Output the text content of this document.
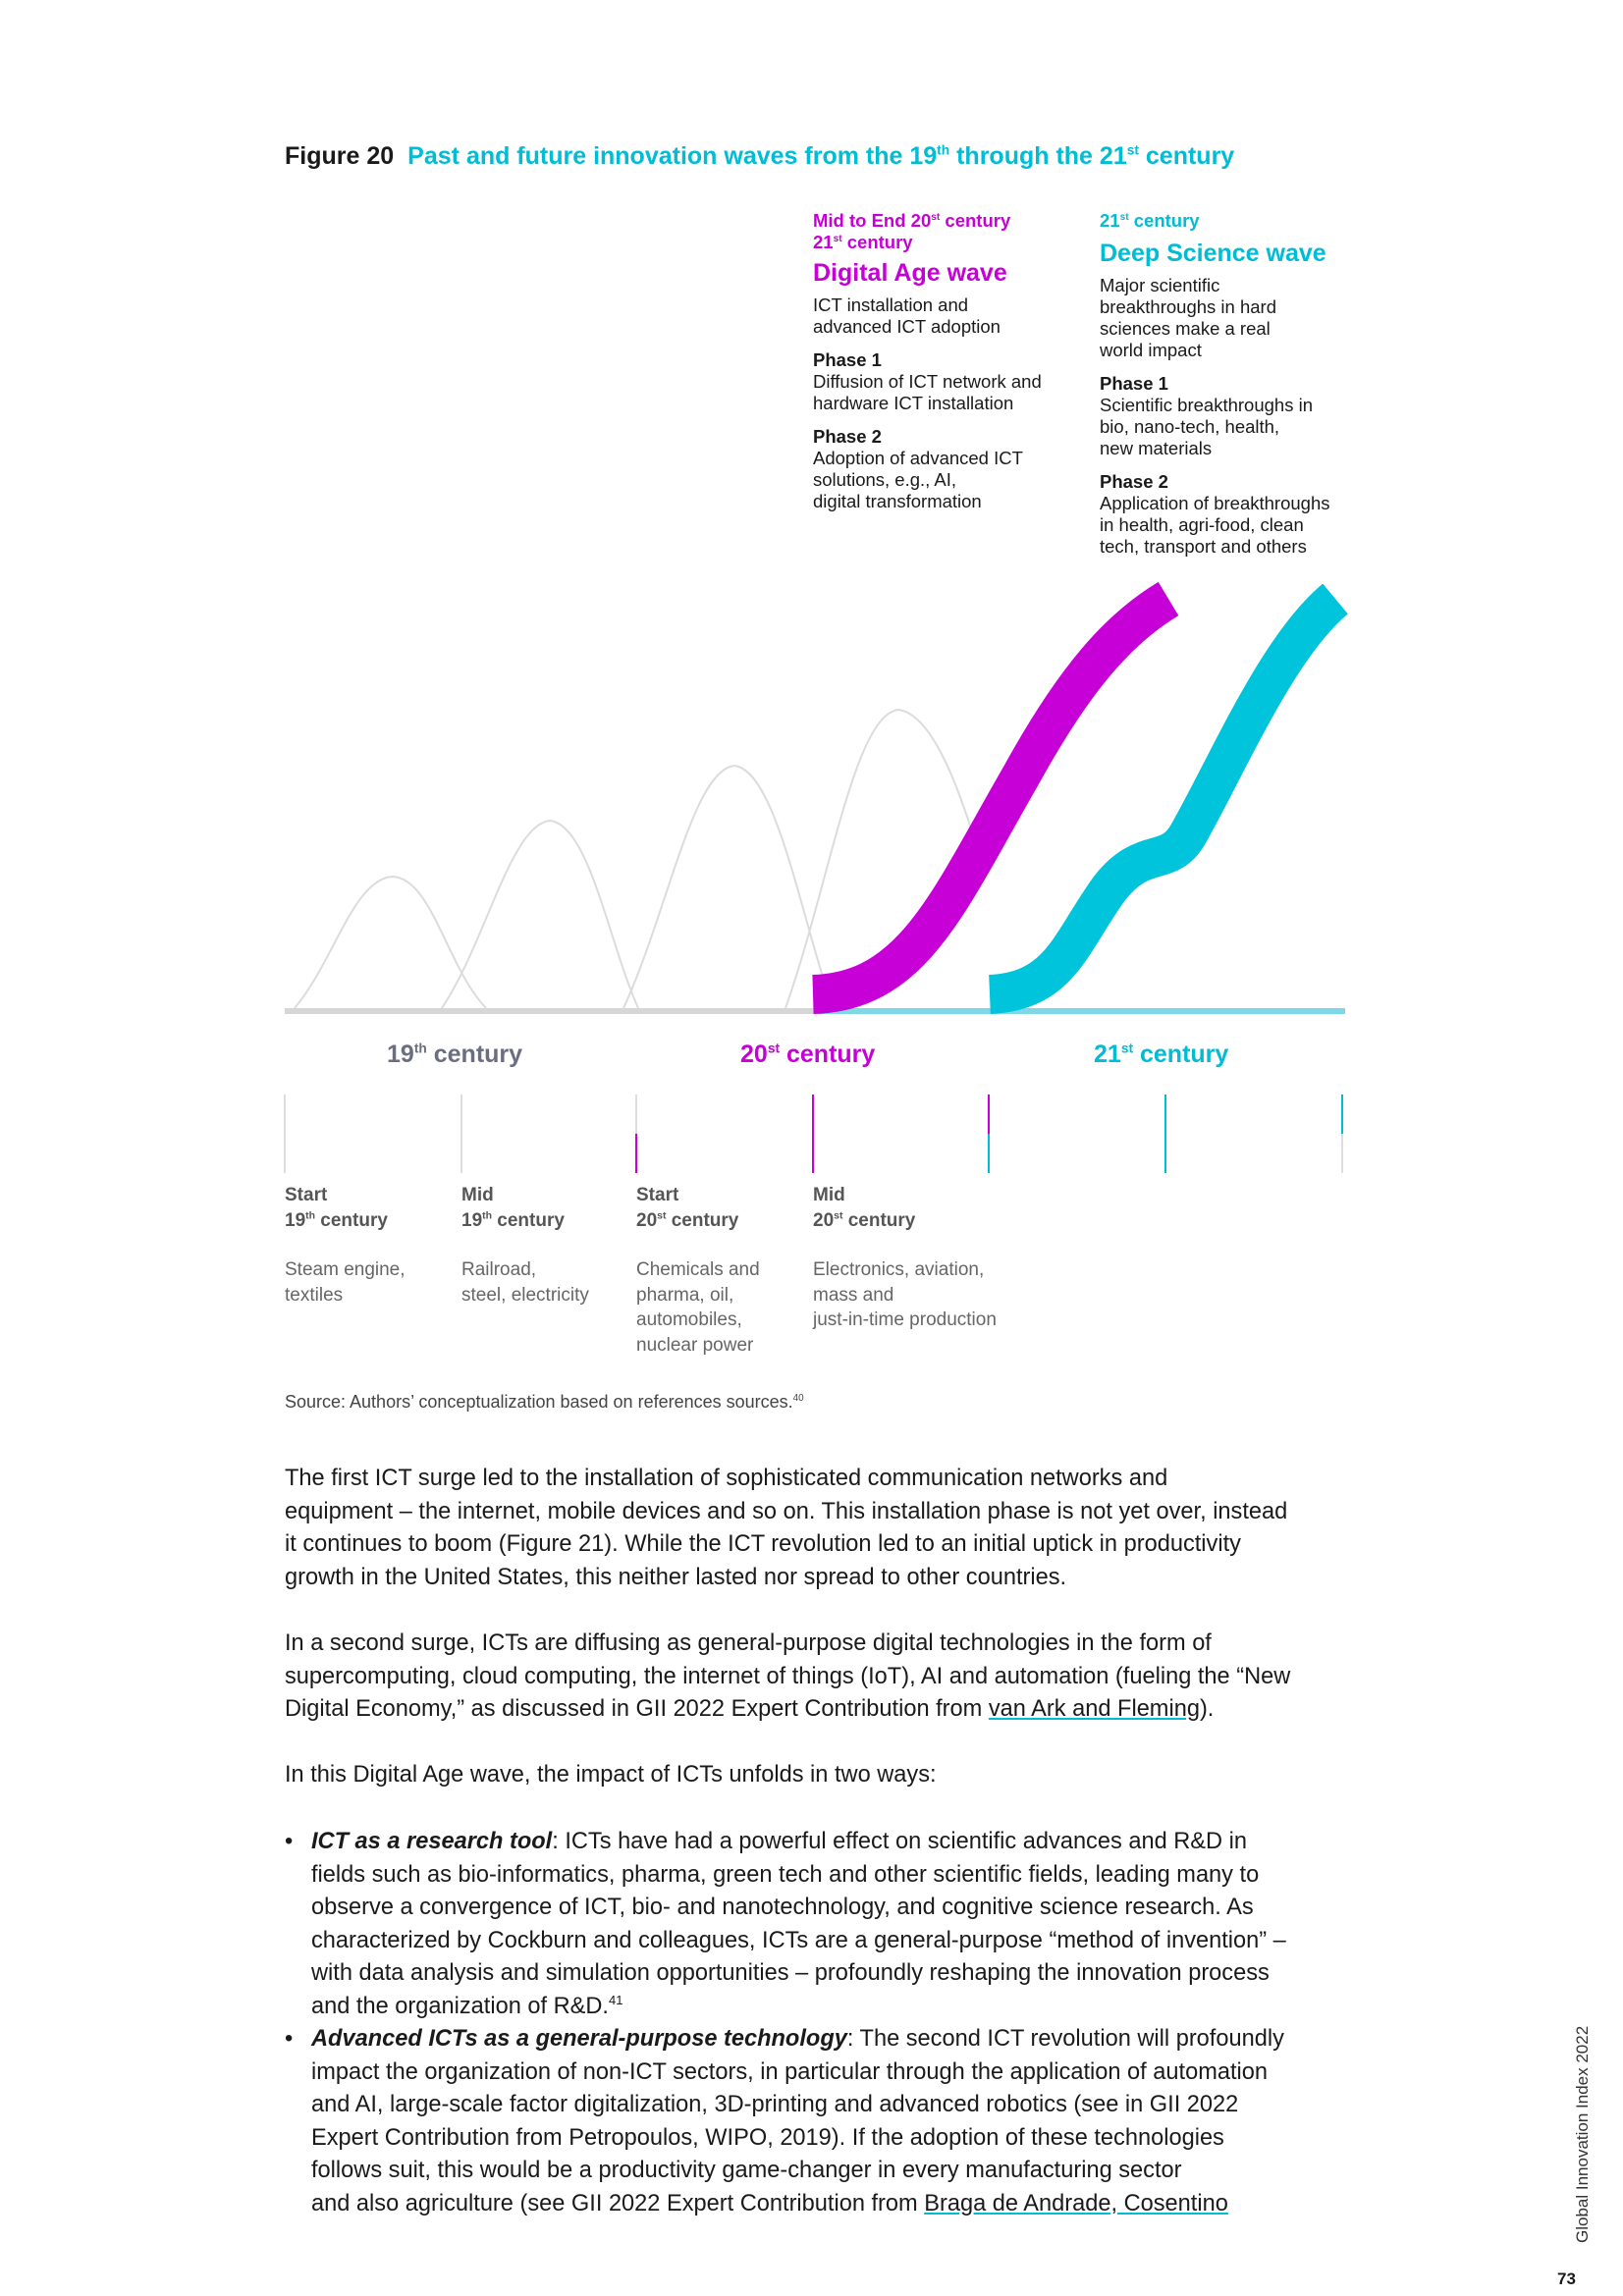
Figure 20 Past and future innovation waves from the 19th through the 21st century
Mid to End 20st century
21st century
Digital Age wave
ICT installation and
advanced ICT adoption
Phase 1
Diffusion of ICT network and
hardware ICT installation
Phase 2
Adoption of advanced ICT
solutions, e.g., AI,
digital transformation
21st century
Deep Science wave
Major scientific
breakthroughs in hard
sciences make a real
world impact
Phase 1
Scientific breakthroughs in
bio, nano-tech, health,
new materials
Phase 2
Application of breakthroughs
in health, agri-food, clean
tech, transport and others
19th century	20st century	21st century
Start
19th century
Steam engine,
textiles
Mid
19th century
Railroad,
steel, electricity
Start
20st century
Chemicals and
pharma, oil,
automobiles,
nuclear power
Mid
20st century
Electronics, aviation,
mass and
just-in-time production
Source: Authors’ conceptualization based on references sources.$^{40}$
The first ICT surge led to the installation of sophisticated communication networks and
equipment – the internet, mobile devices and so on. This installation phase is not yet over, instead
it continues to boom (Figure 21). While the ICT revolution led to an initial uptick in productivity
growth in the United States, this neither lasted nor spread to other countries.
In a second surge, ICTs are diffusing as general-purpose digital technologies in the form of
supercomputing, cloud computing, the internet of things (IoT), AI and automation (fueling the “New
Digital Economy,” as discussed in GII 2022 Expert Contribution from van Ark and Fleming).
In this Digital Age wave, the impact of ICTs unfolds in two ways:
• ICT as a research tool: ICTs have had a powerful effect on scientific advances and R&D in
fields such as bio-informatics, pharma, green tech and other scientific fields, leading many to
observe a convergence of ICT, bio- and nanotechnology, and cognitive science research. As
characterized by Cockburn and colleagues, ICTs are a general-purpose “method of invention” –
with data analysis and simulation opportunities – profoundly reshaping the innovation process
and the organization of R&D.$^{41}$
• Advanced ICTs as a general-purpose technology: The second ICT revolution will profoundly
impact the organization of non-ICT sectors, in particular through the application of automation
and AI, large-scale factor digitalization, 3D-printing and advanced robotics (see in GII 2022
Expert Contribution from Petropoulos, WIPO, 2019). If the adoption of these technologies
follows suit, this would be a productivity game-changer in every manufacturing sector
and also agriculture (see GII 2022 Expert Contribution from Braga de Andrade, Cosentino	Global Innovation Index 2022
73
